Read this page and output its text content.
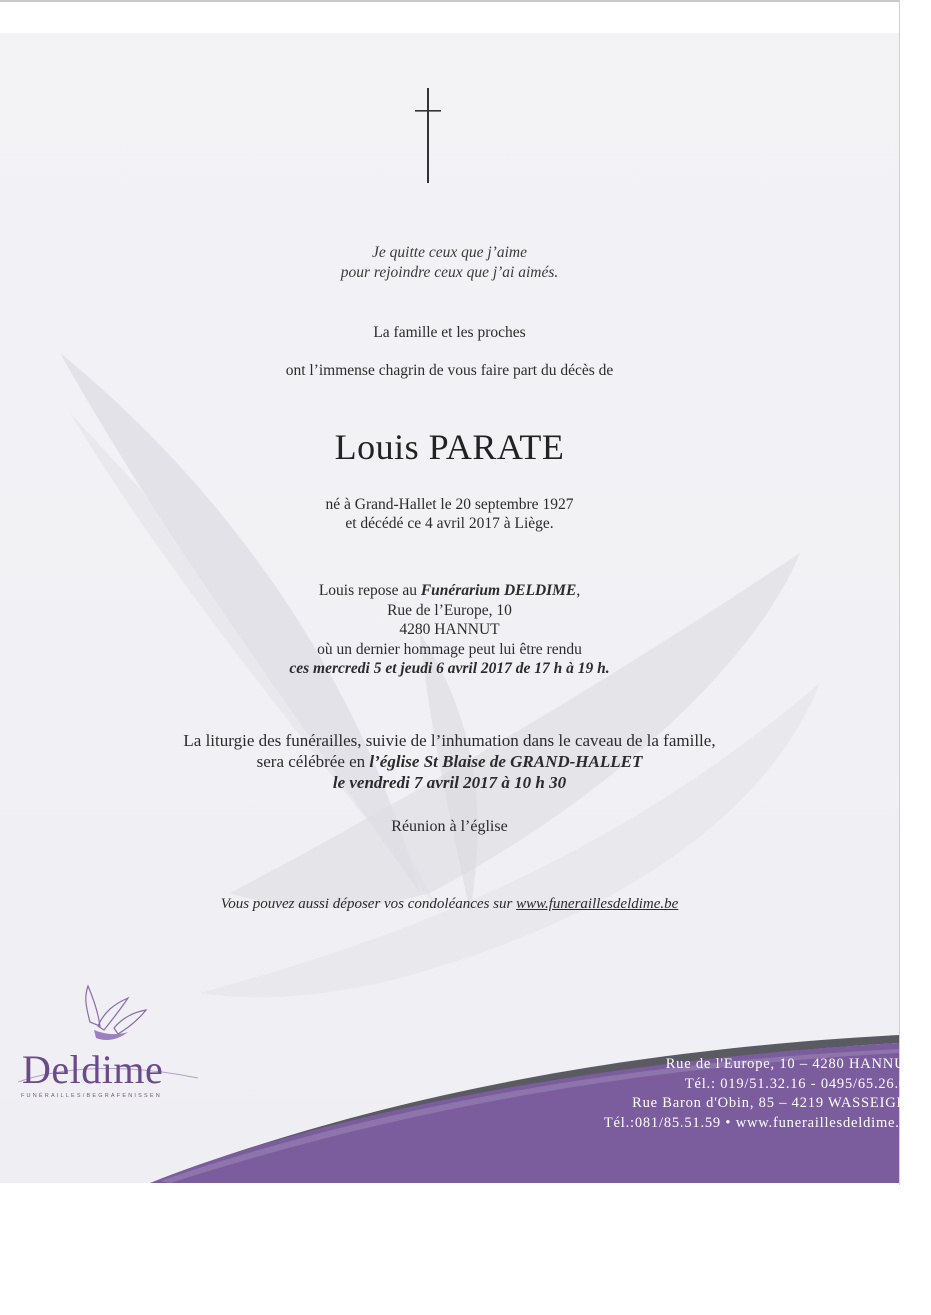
Je quitte ceux que j’aime
pour rejoindre ceux que j’ai aimés.
La famille et les proches
ont l’immense chagrin de vous faire part du décès de
Louis PARATE
né à Grand-Hallet le 20 septembre 1927
et décédé ce 4 avril 2017 à Liège.
Louis repose au Funérarium DELDIME,
Rue de l’Europe, 10
4280 HANNUT
où un dernier hommage peut lui être rendu
ces mercredi 5 et jeudi 6 avril 2017 de 17 h à 19 h.
La liturgie des funérailles, suivie de l’inhumation dans le caveau de la famille,
sera célébrée en l’église St Blaise de GRAND-HALLET
le vendredi 7 avril 2017 à 10 h 30
Réunion à l’église
Vous pouvez aussi déposer vos condoléances sur www.funeraillesdeldime.be
Deldime
FUNÉRAILLES/BEGRAFENISSEN
Rue de l'Europe, 10 – 4280 HANNUT
Tél.: 019/51.32.16 - 0495/65.26.03
Rue Baron d'Obin, 85 – 4219 WASSEIGES
Tél.:081/85.51.59 • www.funeraillesdeldime.be
